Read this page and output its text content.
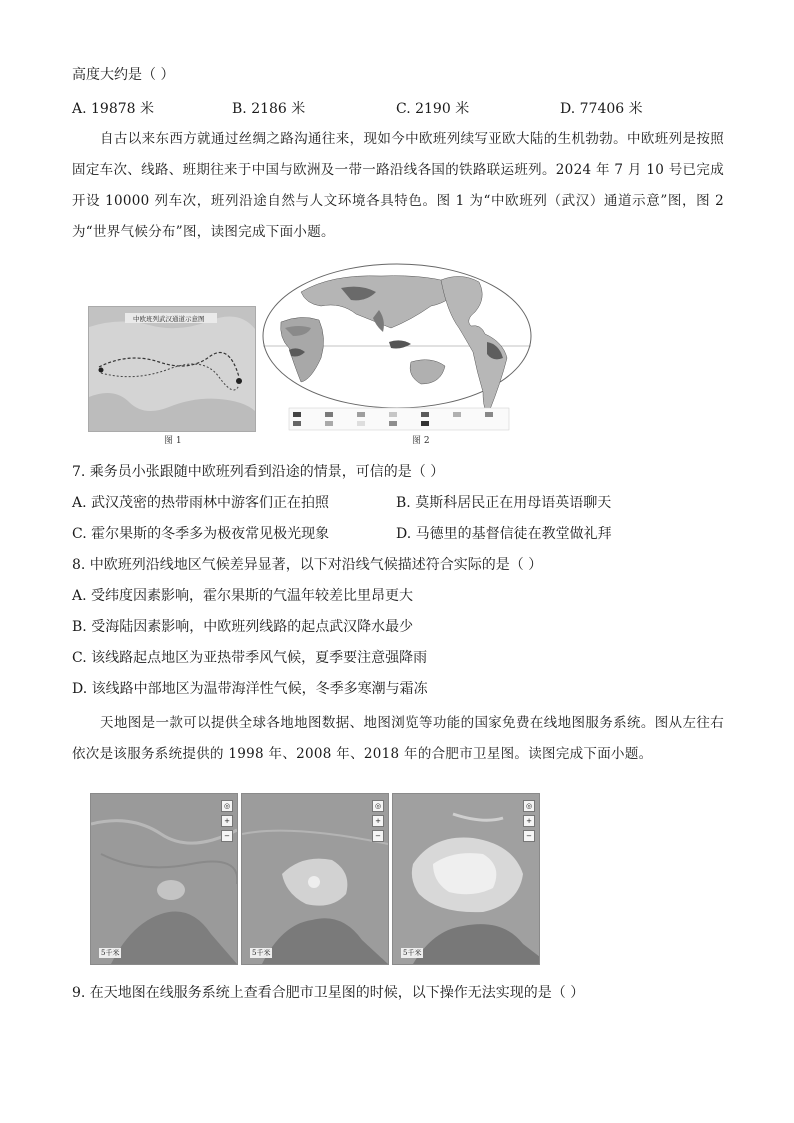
高度大约是（ ）
A. 19878 米	B. 2186 米	C. 2190 米	D. 77406 米
自古以来东西方就通过丝绸之路沟通往来，现如今中欧班列续写亚欧大陆的生机勃勃。中欧班列是按照固定车次、线路、班期往来于中国与欧洲及一带一路沿线各国的铁路联运班列。2024 年 7 月 10 号已完成开设 10000 列车次，班列沿途自然与人文环境各具特色。图 1 为“中欧班列（武汉）通道示意”图，图 2 为“世界气候分布”图，读图完成下面小题。
中欧班列武汉通道示意图
图 1	图 2
7. 乘务员小张跟随中欧班列看到沿途的情景，可信的是（ ）
A. 武汉茂密的热带雨林中游客们正在拍照	B. 莫斯科居民正在用母语英语聊天
C. 霍尔果斯的冬季多为极夜常见极光现象	D. 马德里的基督信徒在教堂做礼拜
8. 中欧班列沿线地区气候差异显著，以下对沿线气候描述符合实际的是（ ）
A. 受纬度因素影响，霍尔果斯的气温年较差比里昂更大
B. 受海陆因素影响，中欧班列线路的起点武汉降水最少
C. 该线路起点地区为亚热带季风气候，夏季要注意强降雨
D. 该线路中部地区为温带海洋性气候，冬季多寒潮与霜冻
天地图是一款可以提供全球各地地图数据、地图浏览等功能的国家免费在线地图服务系统。图从左往右依次是该服务系统提供的 1998 年、2008 年、2018 年的合肥市卫星图。读图完成下面小题。
◎
+
−
5千米
◎
+
−
5千米
◎
+
−
5千米
9. 在天地图在线服务系统上查看合肥市卫星图的时候，以下操作无法实现的是（ ）
